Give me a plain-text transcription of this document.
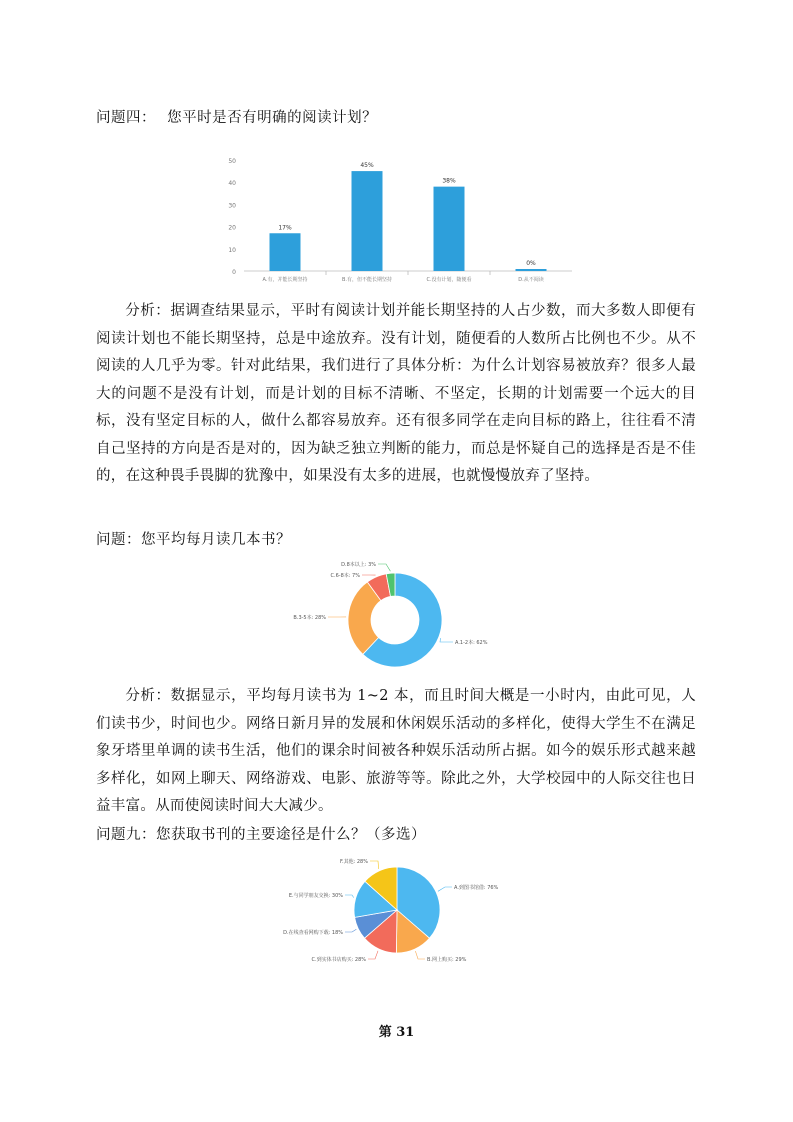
问题四： 您平时是否有明确的阅读计划？
0
10
20
30
40
50
17%
A.有，并能长期坚持
45%
B.有，但不能长期坚持
38%
C.没有计划，随便看
0%
D.从不阅读

分析：据调查结果显示，平时有阅读计划并能长期坚持的人占少数，而大多数人即便有阅读计划也不能长期坚持，总是中途放弃。没有计划，随便看的人数所占比例也不少。从不阅读的人几乎为零。针对此结果，我们进行了具体分析：为什么计划容易被放弃？很多人最大的问题不是没有计划，而是计划的目标不清晰、不坚定，长期的计划需要一个远大的目标，没有坚定目标的人，做什么都容易放弃。还有很多同学在走向目标的路上，往往看不清自己坚持的方向是否是对的，因为缺乏独立判断的能力，而总是怀疑自己的选择是否是不佳的，在这种畏手畏脚的犹豫中，如果没有太多的进展，也就慢慢放弃了坚持。

问题：您平均每月读几本书？
A.1-2本: 62%
B.3-5本: 28%
C.6-8本: 7%
D.8本以上: 3%

分析：数据显示，平均每月读书为 1~2 本，而且时间大概是一小时内，由此可见，人们读书少，时间也少。网络日新月异的发展和休闲娱乐活动的多样化，使得大学生不在满足象牙塔里单调的读书生活，他们的课余时间被各种娱乐活动所占据。如今的娱乐形式越来越多样化，如网上聊天、网络游戏、电影、旅游等等。除此之外，大学校园中的人际交往也日益丰富。从而使阅读时间大大减少。

问题九：您获取书刊的主要途径是什么？（多选）
A.到图书馆借: 76%
B.网上购买: 29%
C.到实体书店购买: 28%
D.在线查看网购下载: 18%
E.与同学朋友交换: 30%
F.其他: 28%
第 31
